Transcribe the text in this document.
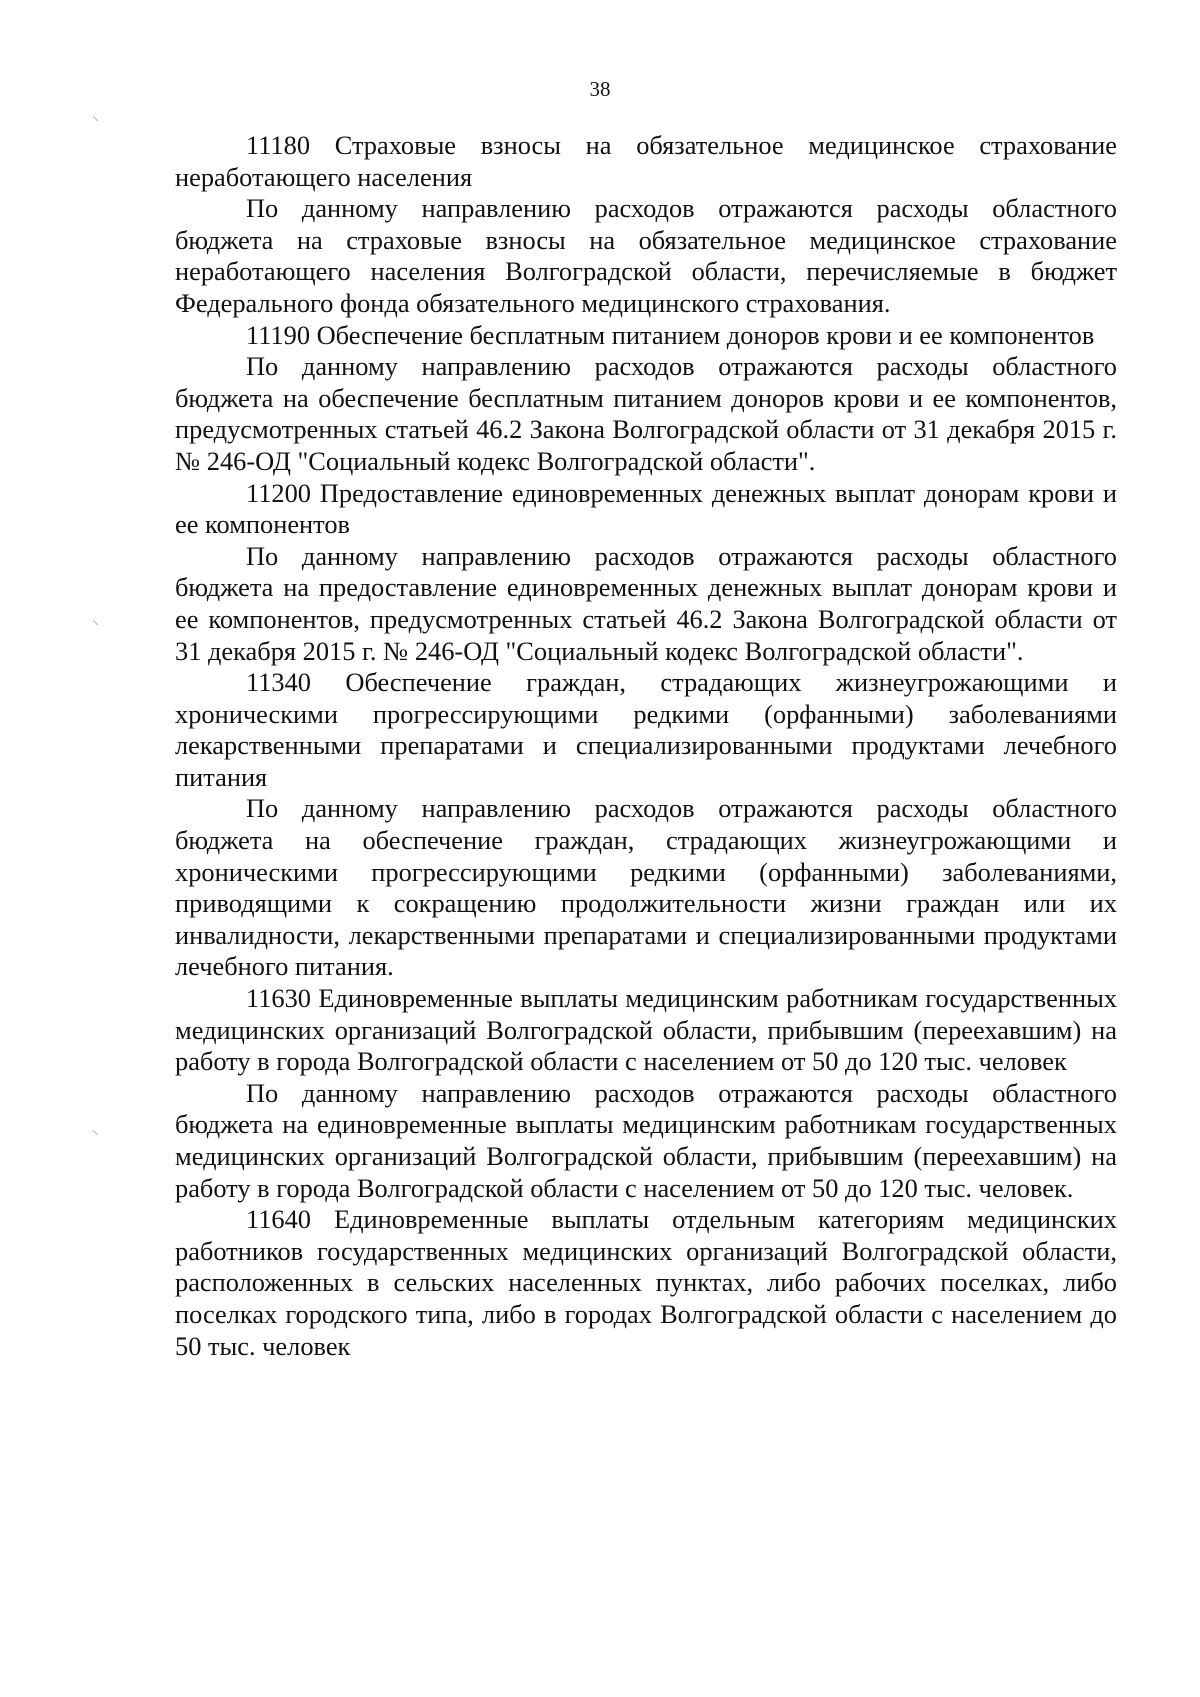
⸌
⸌
⸌
38

11180 Страховые взносы на обязательное медицинское страхование неработающего населения

По данному направлению расходов отражаются расходы областного бюджета на страховые взносы на обязательное медицинское страхование неработающего населения Волгоградской области, перечисляемые в бюджет Федерального фонда обязательного медицинского страхования.

11190 Обеспечение бесплатным питанием доноров крови и ее компонентов

По данному направлению расходов отражаются расходы областного бюджета на обеспечение бесплатным питанием доноров крови и ее компонентов, предусмотренных статьей 46.2 Закона Волгоградской области от 31 декабря 2015 г. № 246-ОД "Социальный кодекс Волгоградской области".

11200 Предоставление единовременных денежных выплат донорам крови и ее компонентов

По данному направлению расходов отражаются расходы областного бюджета на предоставление единовременных денежных выплат донорам крови и ее компонентов, предусмотренных статьей 46.2 Закона Волгоградской области от 31 декабря 2015 г. № 246-ОД "Социальный кодекс Волгоградской области".

11340 Обеспечение граждан, страдающих жизнеугрожающими и хроническими прогрессирующими редкими (орфанными) заболеваниями лекарственными препаратами и специализированными продуктами лечебного питания

По данному направлению расходов отражаются расходы областного бюджета на обеспечение граждан, страдающих жизнеугрожающими и хроническими прогрессирующими редкими (орфанными) заболеваниями, приводящими к сокращению продолжительности жизни граждан или их инвалидности, лекарственными препаратами и специализированными продуктами лечебного питания.

11630 Единовременные выплаты медицинским работникам государственных медицинских организаций Волгоградской области, прибывшим (переехавшим) на работу в города Волгоградской области с населением от 50 до 120 тыс. человек

По данному направлению расходов отражаются расходы областного бюджета на единовременные выплаты медицинским работникам государственных медицинских организаций Волгоградской области, прибывшим (переехавшим) на работу в города Волгоградской области с населением от 50 до 120 тыс. человек.

11640 Единовременные выплаты отдельным категориям медицинских работников государственных медицинских организаций Волгоградской области, расположенных в сельских населенных пунктах, либо рабочих поселках, либо поселках городского типа, либо в городах Волгоградской области с населением до 50 тыс. человек
